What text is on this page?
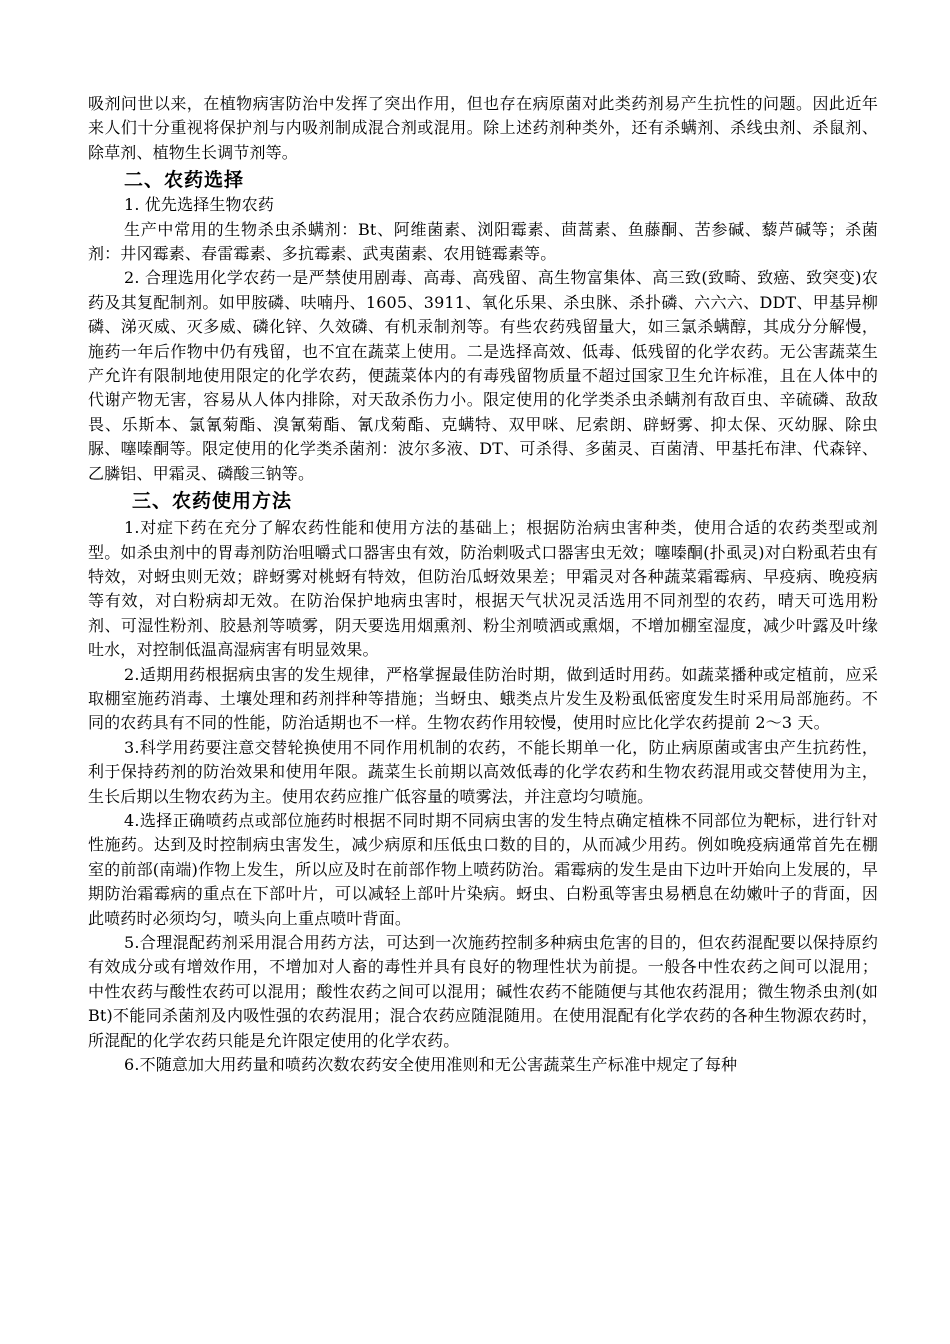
吸剂问世以来，在植物病害防治中发挥了突出作用，但也存在病原菌对此类药剂易产生抗性的问题。因此近年来人们十分重视将保护剂与内吸剂制成混合剂或混用。除上述药剂种类外，还有杀螨剂、杀线虫剂、杀鼠剂、除草剂、植物生长调节剂等。

二、农药选择

1. 优先选择生物农药

生产中常用的生物杀虫杀螨剂：Bt、阿维菌素、浏阳霉素、茴蒿素、鱼藤酮、苦参碱、藜芦碱等；杀菌剂：井冈霉素、春雷霉素、多抗霉素、武夷菌素、农用链霉素等。

2. 合理选用化学农药一是严禁使用剧毒、高毒、高残留、高生物富集体、高三致(致畸、致癌、致突变)农药及其复配制剂。如甲胺磷、呋喃丹、1605、3911、氧化乐果、杀虫脒、杀扑磷、六六六、DDT、甲基异柳磷、涕灭威、灭多威、磷化锌、久效磷、有机汞制剂等。有些农药残留量大，如三氯杀螨醇，其成分分解慢，施药一年后作物中仍有残留，也不宜在蔬菜上使用。二是选择高效、低毒、低残留的化学农药。无公害蔬菜生产允许有限制地使用限定的化学农药，便蔬菜体内的有毒残留物质量不超过国家卫生允许标准，且在人体中的代谢产物无害，容易从人体内排除，对天敌杀伤力小。限定使用的化学类杀虫杀螨剂有敌百虫、辛硫磷、敌敌畏、乐斯本、氯氰菊酯、溴氰菊酯、氰戊菊酯、克螨特、双甲咪、尼索朗、辟蚜雾、抑太保、灭幼脲、除虫脲、噻嗪酮等。限定使用的化学类杀菌剂：波尔多液、DT、可杀得、多菌灵、百菌清、甲基托布津、代森锌、乙膦铝、甲霜灵、磷酸三钠等。

三、农药使用方法

1.对症下药在充分了解农药性能和使用方法的基础上；根据防治病虫害种类，使用合适的农药类型或剂型。如杀虫剂中的胃毒剂防治咀嚼式口器害虫有效，防治刺吸式口器害虫无效；噻嗪酮(扑虱灵)对白粉虱若虫有特效，对蚜虫则无效；辟蚜雾对桃蚜有特效，但防治瓜蚜效果差；甲霜灵对各种蔬菜霜霉病、早疫病、晚疫病等有效，对白粉病却无效。在防治保护地病虫害时，根据天气状况灵活选用不同剂型的农药，晴天可选用粉剂、可湿性粉剂、胶悬剂等喷雾，阴天要选用烟熏剂、粉尘剂喷洒或熏烟，不增加棚室湿度，减少叶露及叶缘吐水，对控制低温高湿病害有明显效果。

2.适期用药根据病虫害的发生规律，严格掌握最佳防治时期，做到适时用药。如蔬菜播种或定植前，应采取棚室施药消毒、土壤处理和药剂拌种等措施；当蚜虫、蛾类点片发生及粉虱低密度发生时采用局部施药。不同的农药具有不同的性能，防治适期也不一样。生物农药作用较慢，使用时应比化学农药提前 2～3 天。

3.科学用药要注意交替轮换使用不同作用机制的农药，不能长期单一化，防止病原菌或害虫产生抗药性，利于保持药剂的防治效果和使用年限。蔬菜生长前期以高效低毒的化学农药和生物农药混用或交替使用为主，生长后期以生物农药为主。使用农药应推广低容量的喷雾法，并注意均匀喷施。

4.选择正确喷药点或部位施药时根据不同时期不同病虫害的发生特点确定植株不同部位为靶标，进行针对性施药。达到及时控制病虫害发生，减少病原和压低虫口数的目的，从而减少用药。例如晚疫病通常首先在棚室的前部(南端)作物上发生，所以应及时在前部作物上喷药防治。霜霉病的发生是由下边叶开始向上发展的，早期防治霜霉病的重点在下部叶片，可以减轻上部叶片染病。蚜虫、白粉虱等害虫易栖息在幼嫩叶子的背面，因此喷药时必须均匀，喷头向上重点喷叶背面。

5.合理混配药剂采用混合用药方法，可达到一次施药控制多种病虫危害的目的，但农药混配要以保持原约有效成分或有增效作用，不增加对人畜的毒性并具有良好的物理性状为前提。一般各中性农药之间可以混用；中性农药与酸性农药可以混用；酸性农药之间可以混用；碱性农药不能随便与其他农药混用；微生物杀虫剂(如 Bt)不能同杀菌剂及内吸性强的农药混用；混合农药应随混随用。在使用混配有化学农药的各种生物源农药时，所混配的化学农药只能是允许限定使用的化学农药。

6.不随意加大用药量和喷药次数农药安全使用准则和无公害蔬菜生产标准中规定了每种
